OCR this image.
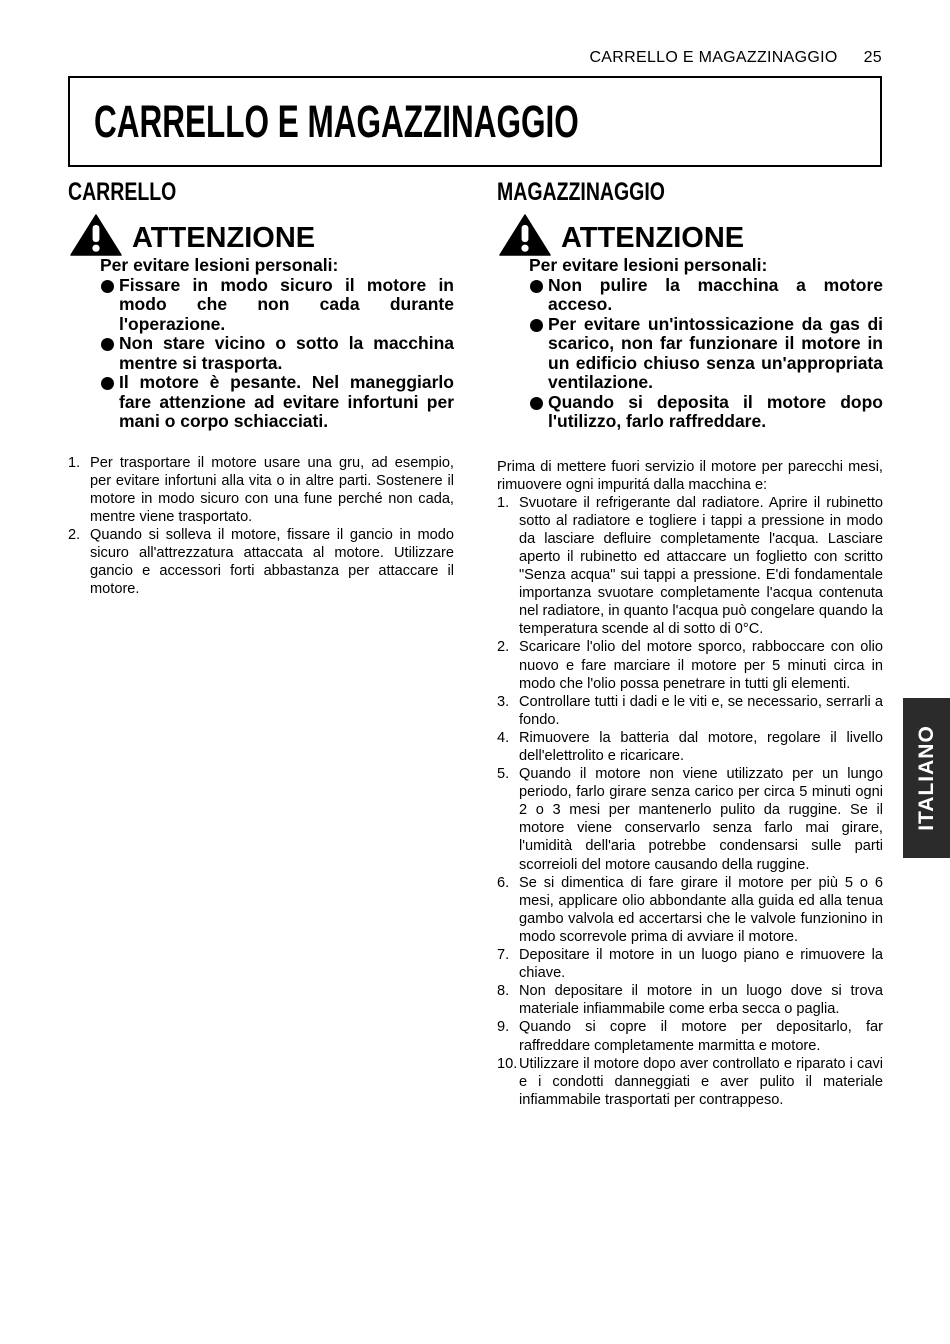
CARRELLO E MAGAZZINAGGIO 25
CARRELLO E MAGAZZINAGGIO
CARRELLO
ATTENZIONE
Per evitare lesioni personali:
Fissare in modo sicuro il motore in modo che non cada durante l'operazione.
Non stare vicino o sotto la macchina mentre si trasporta.
Il motore è pesante. Nel maneggiarlo fare attenzione ad evitare infortuni per mani o corpo schiacciati.
1. Per trasportare il motore usare una gru, ad esempio, per evitare infortuni alla vita o in altre parti. Sostenere il motore in modo sicuro con una fune perché non cada, mentre viene trasportato.
2. Quando si solleva il motore, fissare il gancio in modo sicuro all'attrezzatura attaccata al motore. Utilizzare gancio e accessori forti abbastanza per attaccare il motore.
MAGAZZINAGGIO
ATTENZIONE
Per evitare lesioni personali:
Non pulire la macchina a motore acceso.
Per evitare un'intossicazione da gas di scarico, non far funzionare il motore in un edificio chiuso senza un'appropriata ventilazione.
Quando si deposita il motore dopo l'utilizzo, farlo raffreddare.

Prima di mettere fuori servizio il motore per parecchi mesi, rimuovere ogni impuritá dalla macchina e:

1. Svuotare il refrigerante dal radiatore. Aprire il rubinetto sotto al radiatore e togliere i tappi a pressione in modo da lasciare defluire completamente l'acqua. Lasciare aperto il rubinetto ed attaccare un foglietto con scritto "Senza acqua" sui tappi a pressione. E'di fondamentale importanza svuotare completamente l'acqua contenuta nel radiatore, in quanto l'acqua può congelare quando la temperatura scende al di sotto di 0°C.
2. Scaricare l'olio del motore sporco, rabboccare con olio nuovo e fare marciare il motore per 5 minuti circa in modo che l'olio possa penetrare in tutti gli elementi.
3. Controllare tutti i dadi e le viti e, se necessario, serrarli a fondo.
4. Rimuovere la batteria dal motore, regolare il livello dell'elettrolito e ricaricare.
5. Quando il motore non viene utilizzato per un lungo periodo, farlo girare senza carico per circa 5 minuti ogni 2 o 3 mesi per mantenerlo pulito da ruggine. Se il motore viene conservarlo senza farlo mai girare, l'umidità dell'aria potrebbe condensarsi sulle parti scorreioli del motore causando della ruggine.
6. Se si dimentica di fare girare il motore per più 5 o 6 mesi, applicare olio abbondante alla guida ed alla tenua gambo valvola ed accertarsi che le valvole funzionino in modo scorrevole prima di avviare il motore.
7. Depositare il motore in un luogo piano e rimuovere la chiave.
8. Non depositare il motore in un luogo dove si trova materiale infiammabile come erba secca o paglia.
9. Quando si copre il motore per depositarlo, far raffreddare completamente marmitta e motore.
10. Utilizzare il motore dopo aver controllato e riparato i cavi e i condotti danneggiati e aver pulito il materiale infiammabile trasportati per contrappeso.
ITALIANO
